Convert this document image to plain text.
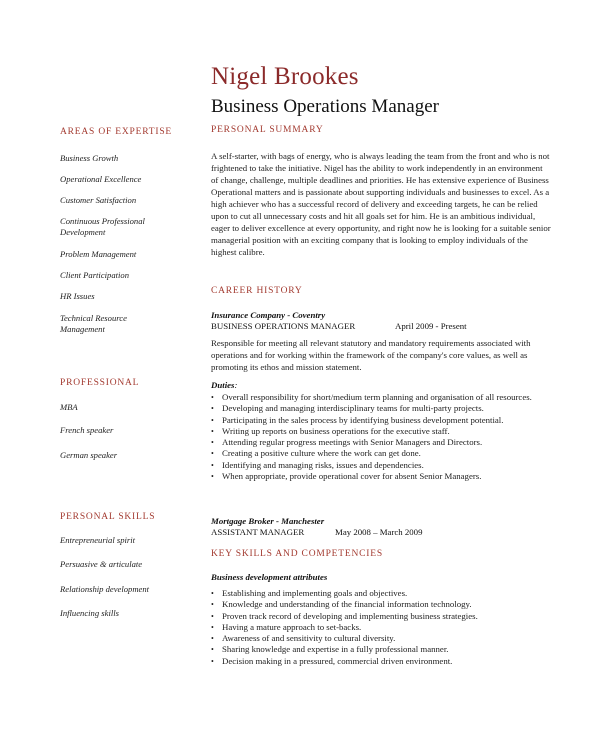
Nigel Brookes
Business Operations Manager
AREAS OF EXPERTISE
Business Growth
Operational Excellence
Customer Satisfaction
Continuous Professional Development
Problem Management
Client Participation
HR Issues
Technical Resource Management
PROFESSIONAL
MBA
French speaker
German speaker
PERSONAL SKILLS
Entrepreneurial spirit
Persuasive & articulate
Relationship development
Influencing skills
PERSONAL SUMMARY
A self-starter, with bags of energy, who is always leading the team from the front and who is not frightened to take the initiative. Nigel has the ability to work independently in an environment of change, challenge, multiple deadlines and priorities. He has extensive experience of Business Operational matters and is passionate about supporting individuals and businesses to excel. As a high achiever who has a successful record of delivery and exceeding targets, he can be relied upon to cut all unnecessary costs and hit all goals set for him. He is an ambitious individual, eager to deliver excellence at every opportunity, and right now he is looking for a suitable senior managerial position with an exciting company that is looking to employ individuals of the highest calibre.
CAREER HISTORY
Insurance Company - Coventry
BUSINESS OPERATIONS MANAGER	April 2009 - Present
Responsible for meeting all relevant statutory and mandatory requirements associated with operations and for working within the framework of the company's core values, as well as promoting its ethos and mission statement.
Duties:
• Overall responsibility for short/medium term planning and organisation of all resources.
• Developing and managing interdisciplinary teams for multi-party projects.
• Participating in the sales process by identifying business development potential.
• Writing up reports on business operations for the executive staff.
• Attending regular progress meetings with Senior Managers and Directors.
• Creating a positive culture where the work can get done.
• Identifying and managing risks, issues and dependencies.
• When appropriate, provide operational cover for absent Senior Managers.
Mortgage Broker - Manchester
ASSISTANT MANAGER	May 2008 – March 2009
KEY SKILLS AND COMPETENCIES
Business development attributes
• Establishing and implementing goals and objectives.
• Knowledge and understanding of the financial information technology.
• Proven track record of developing and implementing business strategies.
• Having a mature approach to set-backs.
• Awareness of and sensitivity to cultural diversity.
• Sharing knowledge and expertise in a fully professional manner.
• Decision making in a pressured, commercial driven environment.
